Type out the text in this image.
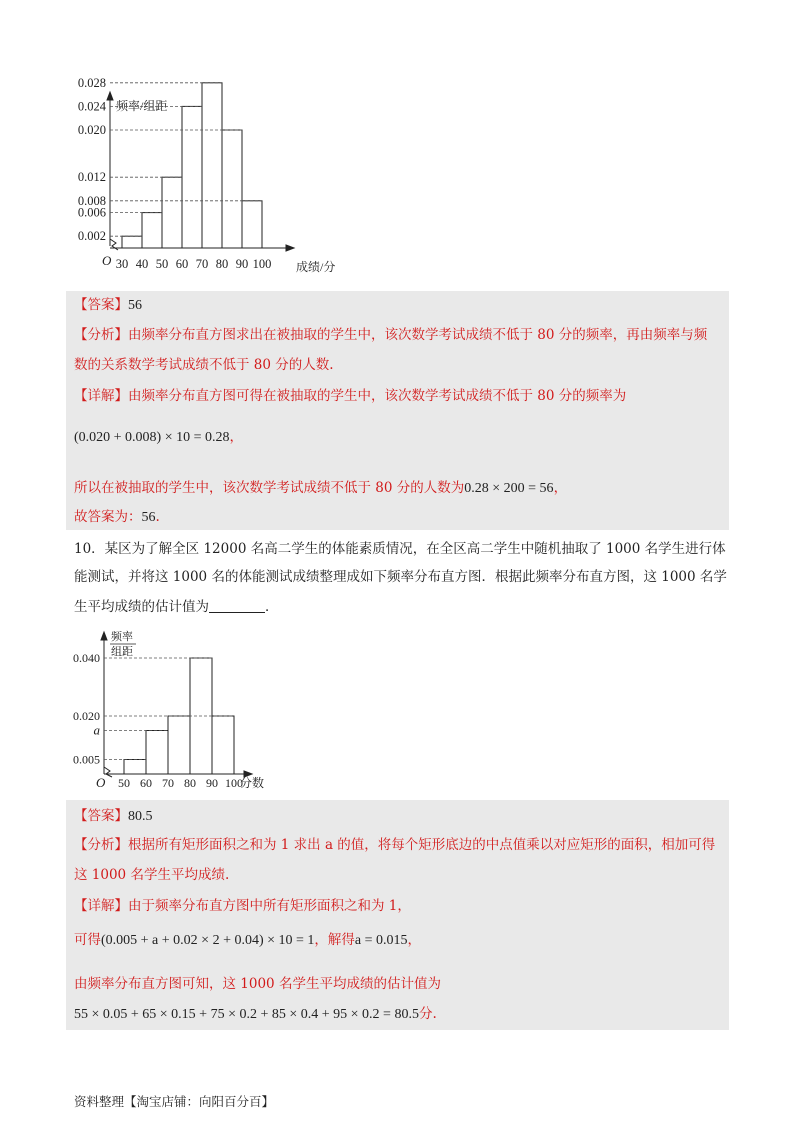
频率/组距
O	成绩/分
0.028
0.024
0.020
0.012
0.008
0.006
0.002
30 40 50 60 70 80 90 100
【答案】56
【分析】由频率分布直方图求出在被抽取的学生中，该次数学考试成绩不低于 80 分的频率，再由频率与频
数的关系数学考试成绩不低于 80 分的人数.
【详解】由频率分布直方图可得在被抽取的学生中，该次数学考试成绩不低于 80 分的频率为
(0.020 + 0.008) × 10 = 0.28，
所以在被抽取的学生中，该次数学考试成绩不低于 80 分的人数为0.28 × 200 = 56，
故答案为：56.
10．某区为了解全区 12000 名高二学生的体能素质情况，在全区高二学生中随机抽取了 1000 名学生进行体
能测试，并将这 1000 名的体能测试成绩整理成如下频率分布直方图．根据此频率分布直方图，这 1000 名学
生平均成绩的估计值为	．
频率
组距
O	分数
0.040
0.020
a
0.005
50 60 70 80 90 100
【答案】80.5
【分析】根据所有矩形面积之和为 1 求出 a 的值，将每个矩形底边的中点值乘以对应矩形的面积，相加可得
这 1000 名学生平均成绩.
【详解】由于频率分布直方图中所有矩形面积之和为 1，
可得(0.005 + a + 0.02 × 2 + 0.04) × 10 = 1，解得a = 0.015，
由频率分布直方图可知，这 1000 名学生平均成绩的估计值为
55 × 0.05 + 65 × 0.15 + 75 × 0.2 + 85 × 0.4 + 95 × 0.2 = 80.5分.
资料整理【淘宝店铺：向阳百分百】
